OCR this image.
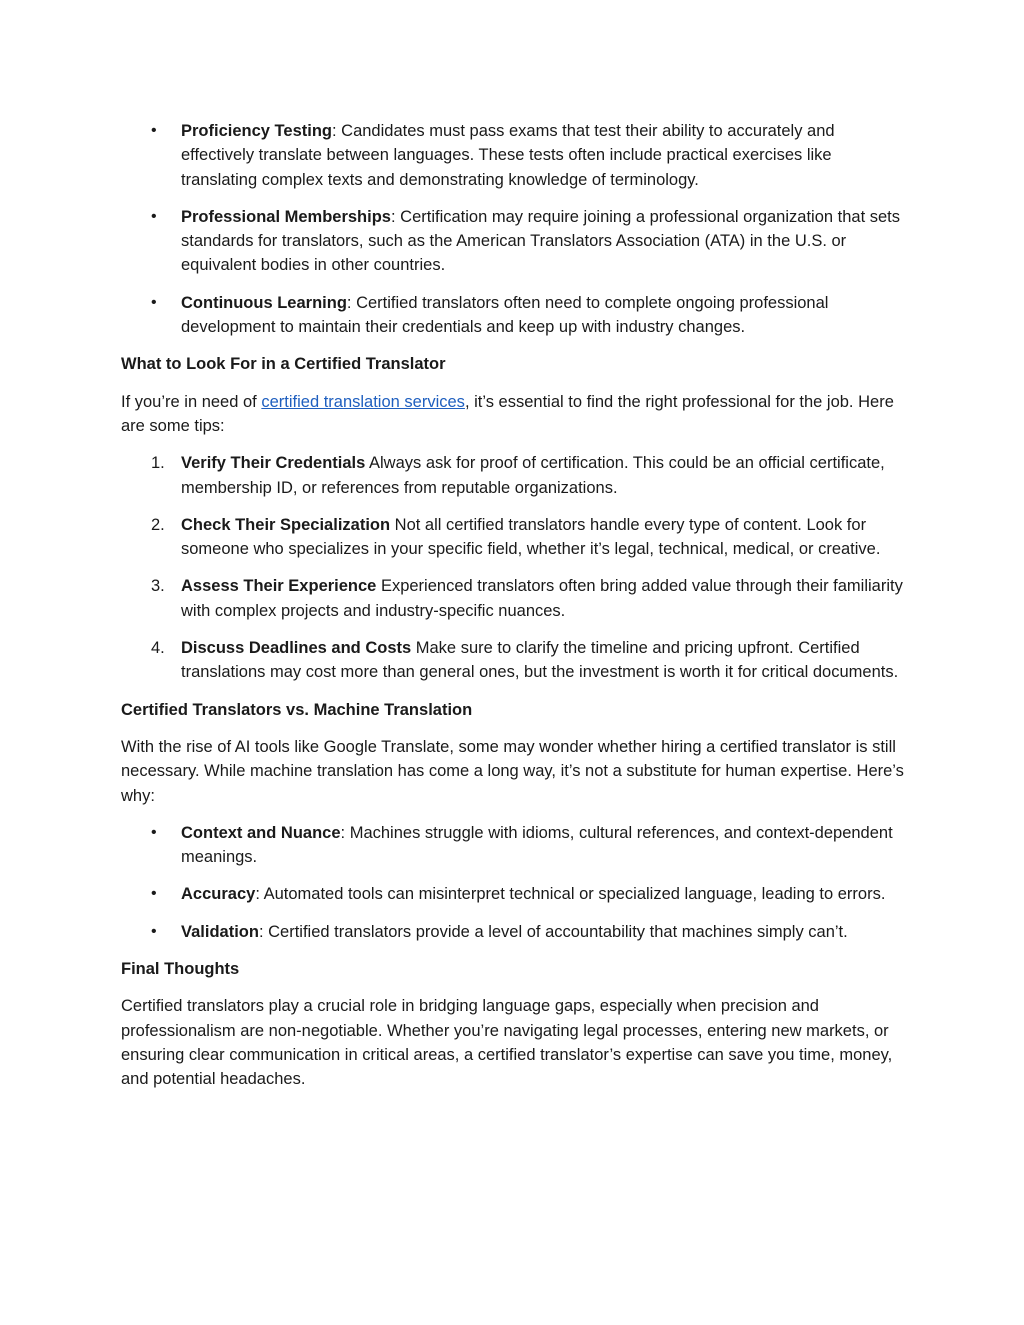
• Proficiency Testing: Candidates must pass exams that test their ability to accurately and effectively translate between languages. These tests often include practical exercises like translating complex texts and demonstrating knowledge of terminology.
• Professional Memberships: Certification may require joining a professional organization that sets standards for translators, such as the American Translators Association (ATA) in the U.S. or equivalent bodies in other countries.
• Continuous Learning: Certified translators often need to complete ongoing professional development to maintain their credentials and keep up with industry changes.
What to Look For in a Certified Translator

If you’re in need of certified translation services, it’s essential to find the right professional for the job. Here are some tips:

1. Verify Their Credentials Always ask for proof of certification. This could be an official certificate, membership ID, or references from reputable organizations.
2. Check Their Specialization Not all certified translators handle every type of content. Look for someone who specializes in your specific field, whether it’s legal, technical, medical, or creative.
3. Assess Their Experience Experienced translators often bring added value through their familiarity with complex projects and industry-specific nuances.
4. Discuss Deadlines and Costs Make sure to clarify the timeline and pricing upfront. Certified translations may cost more than general ones, but the investment is worth it for critical documents.
Certified Translators vs. Machine Translation

With the rise of AI tools like Google Translate, some may wonder whether hiring a certified translator is still necessary. While machine translation has come a long way, it’s not a substitute for human expertise. Here’s why:

• Context and Nuance: Machines struggle with idioms, cultural references, and context-dependent meanings.
• Accuracy: Automated tools can misinterpret technical or specialized language, leading to errors.
• Validation: Certified translators provide a level of accountability that machines simply can’t.
Final Thoughts

Certified translators play a crucial role in bridging language gaps, especially when precision and professionalism are non-negotiable. Whether you’re navigating legal processes, entering new markets, or ensuring clear communication in critical areas, a certified translator’s expertise can save you time, money, and potential headaches.
